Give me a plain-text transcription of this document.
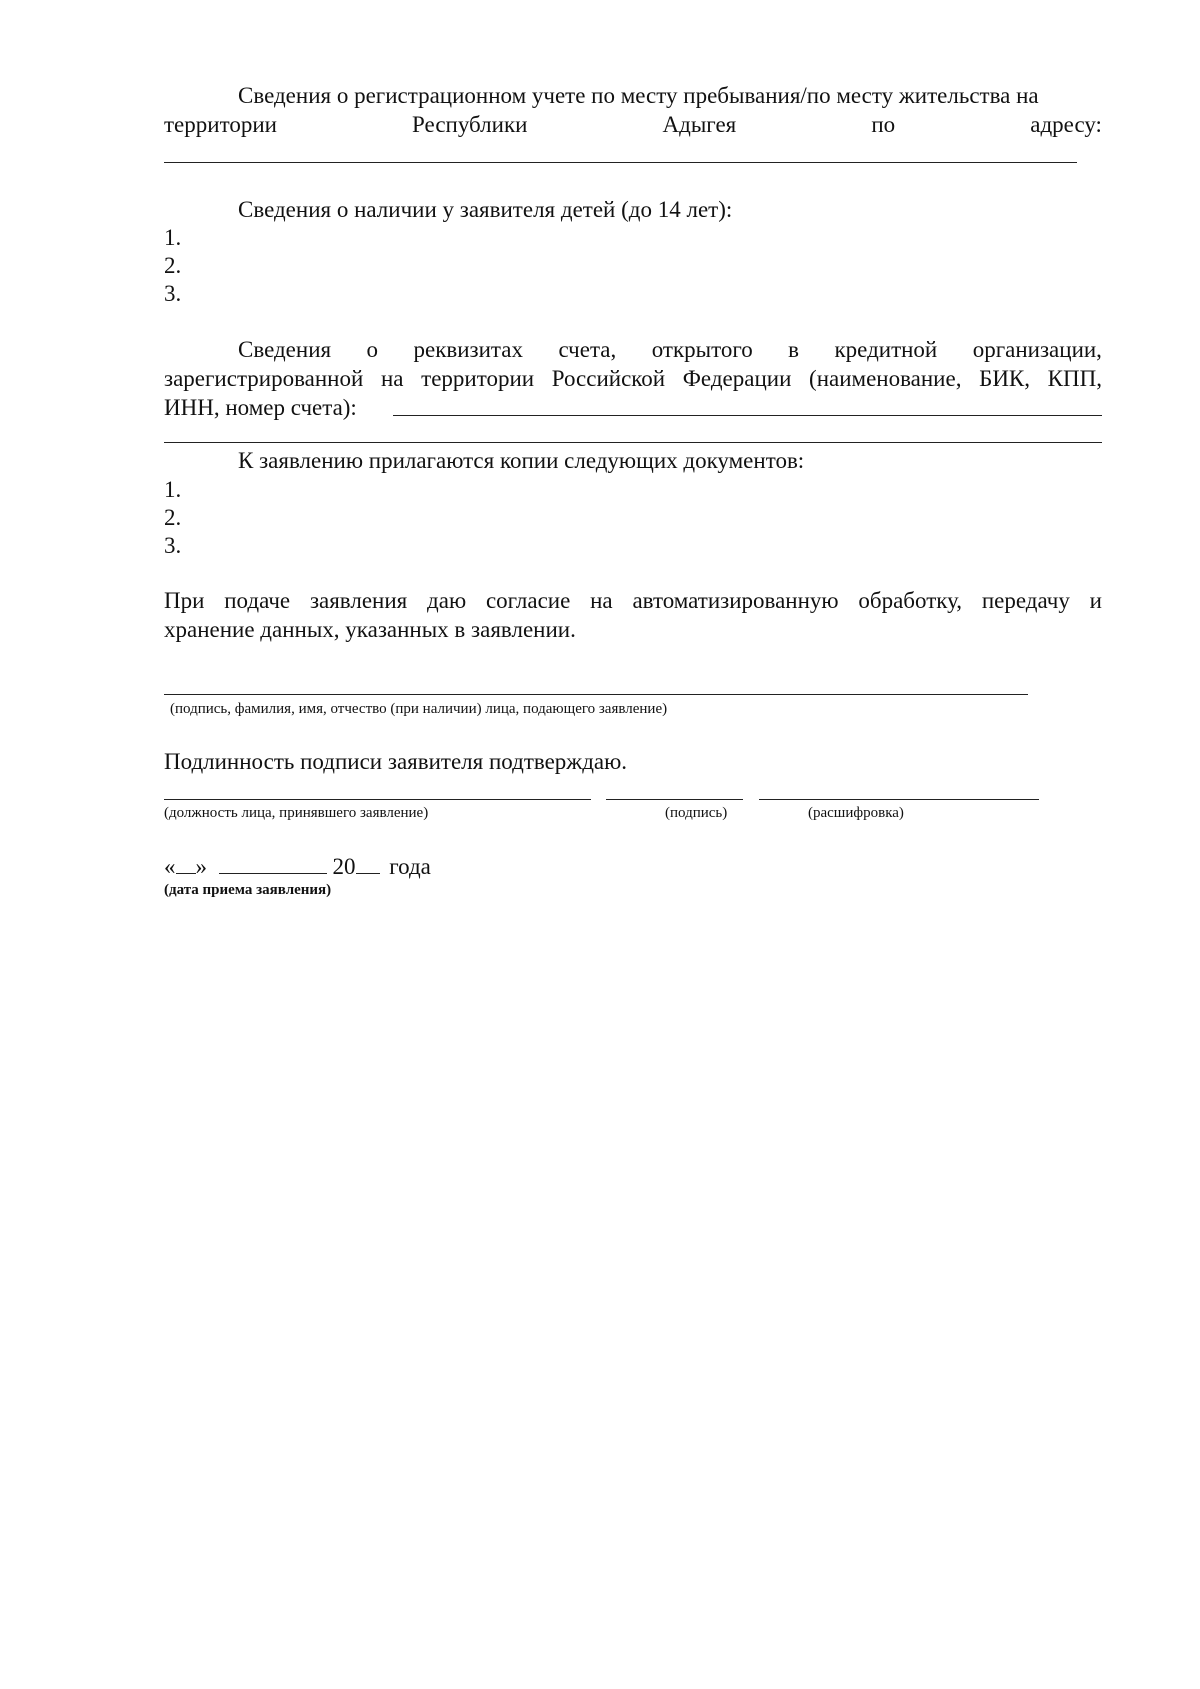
Сведения о регистрационном учете по месту пребывания/по месту жительства на
территории	Республики	Адыгея	по	адресу:
Сведения о наличии у заявителя детей (до 14 лет):
1.
2.
3.
Сведения о реквизитах счета, открытого в кредитной организации,
зарегистрированной на территории Российской Федерации (наименование, БИК, КПП,
ИНН, номер счета):
К заявлению прилагаются копии следующих документов:
1.
2.
3.
При подаче заявления даю согласие на автоматизированную обработку, передачу и
хранение данных, указанных в заявлении.
(подпись, фамилия, имя, отчество (при наличии) лица, подающего заявление)
Подлинность подписи заявителя подтверждаю.
(должность лица, принявшего заявление)	(подпись)	(расшифровка)
« »	20 года
(дата приема заявления)
